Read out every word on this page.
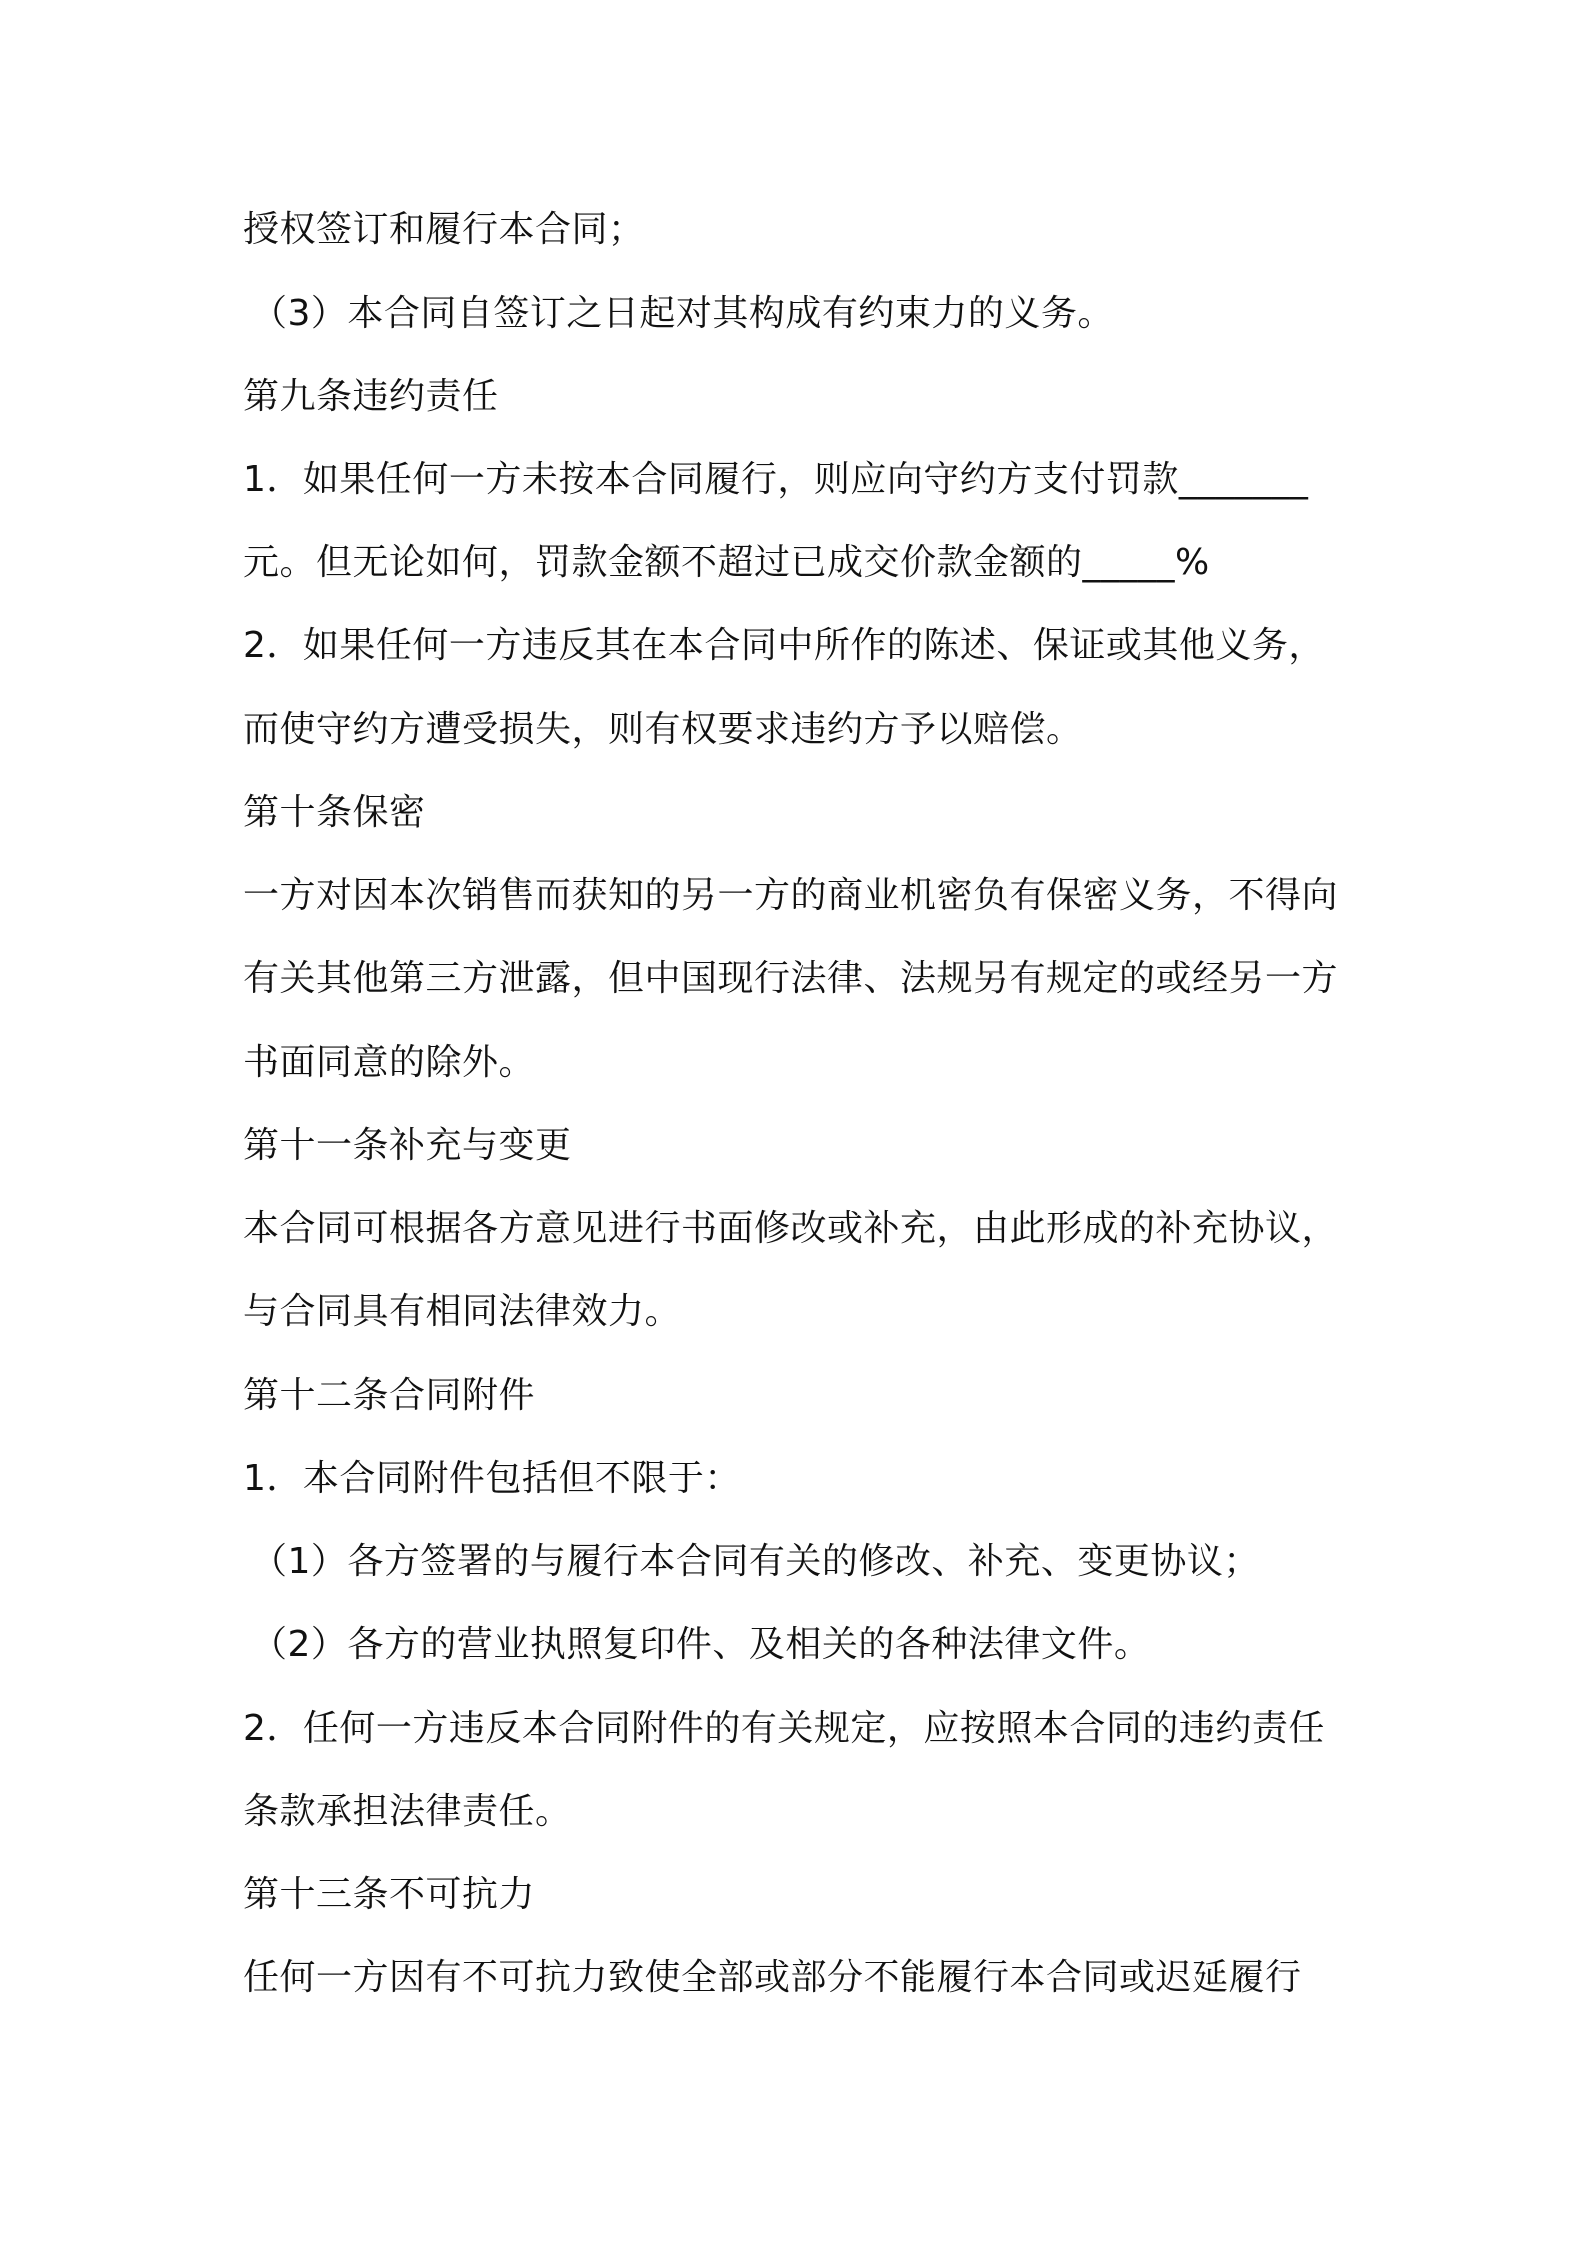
授权签订和履行本合同；
（3）本合同自签订之日起对其构成有约束力的义务。
第九条违约责任
1．如果任何一方未按本合同履行，则应向守约方支付罚款_______
元。但无论如何，罚款金额不超过已成交价款金额的_____%
2．如果任何一方违反其在本合同中所作的陈述、保证或其他义务，
而使守约方遭受损失，则有权要求违约方予以赔偿。
第十条保密
一方对因本次销售而获知的另一方的商业机密负有保密义务，不得向
有关其他第三方泄露，但中国现行法律、法规另有规定的或经另一方
书面同意的除外。
第十一条补充与变更
本合同可根据各方意见进行书面修改或补充，由此形成的补充协议，
与合同具有相同法律效力。
第十二条合同附件
1．本合同附件包括但不限于：
（1）各方签署的与履行本合同有关的修改、补充、变更协议；
（2）各方的营业执照复印件、及相关的各种法律文件。
2．任何一方违反本合同附件的有关规定，应按照本合同的违约责任
条款承担法律责任。
第十三条不可抗力
任何一方因有不可抗力致使全部或部分不能履行本合同或迟延履行
